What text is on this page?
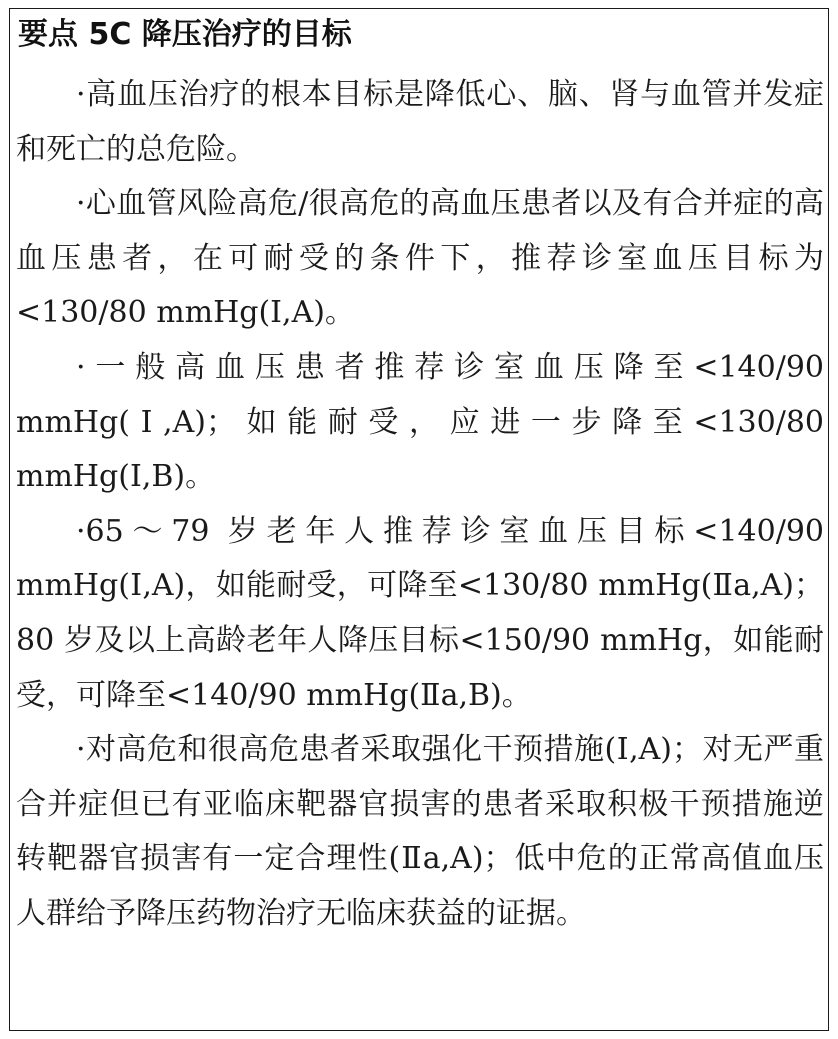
要点 5C 降压治疗的目标

·高血压治疗的根本目标是降低心、脑、肾与血管并发症和死亡的总危险。

·心血管风险高危/很高危的高血压患者以及有合并症的高血压患者，在可耐受的条件下，推荐诊室血压目标为<130/80 mmHg(Ⅰ,A)。

·一般高血压患者推荐诊室血压降至<140/90 mmHg(Ⅰ,A)；如能耐受，应进一步降至<130/80 mmHg(Ⅰ,B)。

·65～79 岁老年人推荐诊室血压目标<140/90 mmHg(Ⅰ,A)，如能耐受，可降至<130/80 mmHg(Ⅱa,A)；80 岁及以上高龄老年人降压目标<150/90 mmHg，如能耐受，可降至<140/90 mmHg(Ⅱa,B)。

·对高危和很高危患者采取强化干预措施(Ⅰ,A)；对无严重合并症但已有亚临床靶器官损害的患者采取积极干预措施逆转靶器官损害有一定合理性(Ⅱa,A)；低中危的正常高值血压人群给予降压药物治疗无临床获益的证据。
